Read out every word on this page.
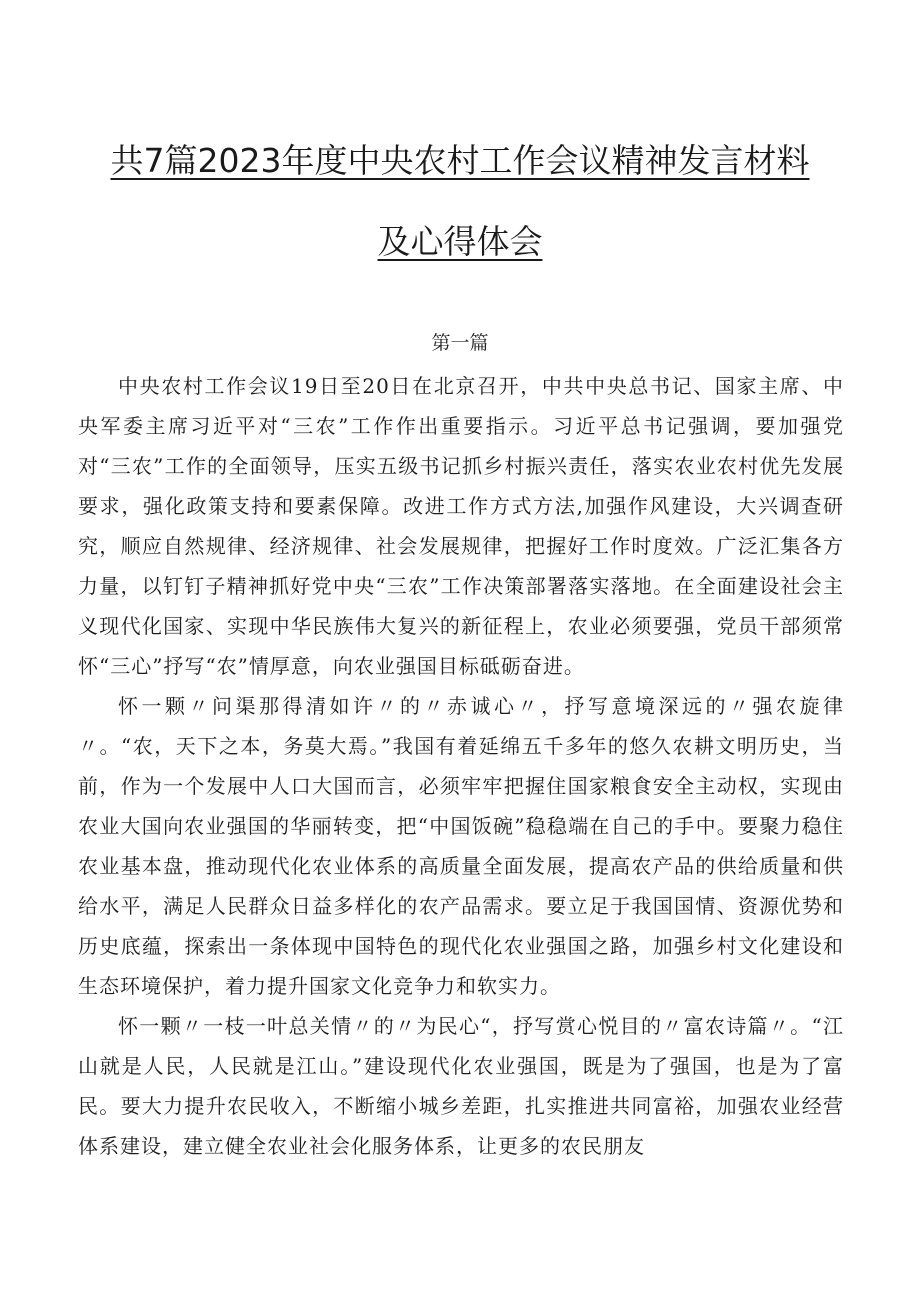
共7篇2023年度中央农村工作会议精神发言材料
及心得体会
第一篇

中央农村工作会议19日至20日在北京召开，中共中央总书记、国家主席、中央军委主席习近平对“三农”工作作出重要指示。习近平总书记强调，要加强党对“三农”工作的全面领导，压实五级书记抓乡村振兴责任，落实农业农村优先发展要求，强化政策支持和要素保障。改进工作方式方法,加强作风建设，大兴调查研究，顺应自然规律、经济规律、社会发展规律，把握好工作时度效。广泛汇集各方力量，以钉钉子精神抓好党中央“三农”工作决策部署落实落地。在全面建设社会主义现代化国家、实现中华民族伟大复兴的新征程上，农业必须要强，党员干部须常怀“三心”抒写“农”情厚意，向农业强国目标砥砺奋进。

怀一颗〃问渠那得清如许〃的〃赤诚心〃，抒写意境深远的〃强农旋律〃。“农，天下之本，务莫大焉。”我国有着延绵五千多年的悠久农耕文明历史，当前，作为一个发展中人口大国而言，必须牢牢把握住国家粮食安全主动权，实现由农业大国向农业强国的华丽转变，把“中国饭碗”稳稳端在自己的手中。要聚力稳住农业基本盘，推动现代化农业体系的高质量全面发展，提高农产品的供给质量和供给水平，满足人民群众日益多样化的农产品需求。要立足于我国国情、资源优势和历史底蕴，探索出一条体现中国特色的现代化农业强国之路，加强乡村文化建设和生态环境保护，着力提升国家文化竞争力和软实力。

怀一颗〃一枝一叶总关情〃的〃为民心“，抒写赏心悦目的〃富农诗篇〃。“江山就是人民，人民就是江山。”建设现代化农业强国，既是为了强国，也是为了富民。要大力提升农民收入，不断缩小城乡差距，扎实推进共同富裕，加强农业经营体系建设，建立健全农业社会化服务体系，让更多的农民朋友
